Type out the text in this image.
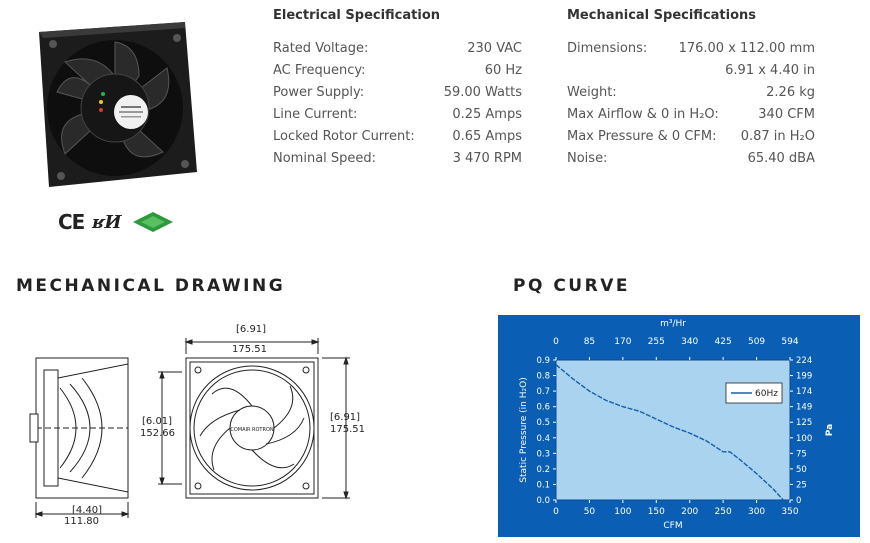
CE ʁИ
Electrical Specification
Rated Voltage:	230 VAC
AC Frequency:	60 Hz
Power Supply:	59.00 Watts
Line Current:	0.25 Amps
Locked Rotor Current:	0.65 Amps
Nominal Speed:	3 470 RPM
Mechanical Specifications
Dimensions: 176.00 x 112.00 mm
6.91 x 4.40 in
Weight:	2.26 kg
Max Airflow & 0 in H₂O:	340 CFM
Max Pressure & 0 CFM: 0.87 in H₂O
Noise:	65.40 dBA
MECHANICAL DRAWING	PQ CURVE
[4.40]
111.80
[6.91]
175.51
[6.01]
152.66
[6.91]
175.51
COMAIR ROTRON
0	50 100 150 200 250 300 350
0	85 170 255 340 425 509 594
0.0
0.1
0.2
0.3
0.4
0.5
0.6
0.7
0.8
0.9
0
25
50
75
100
125
149
174
199
224
60Hz
CFM
m³/Hr
Static Pressure (in H₂O)	Pa
